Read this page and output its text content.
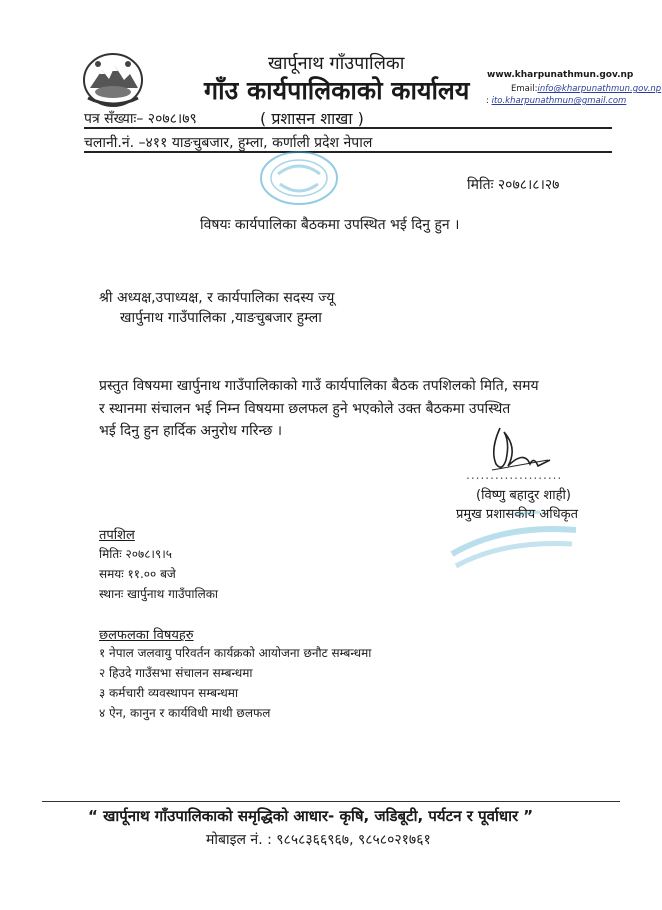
खार्पूनाथ गाँउपालिका
गाँउ कार्यपालिकाको कार्यालय
www.kharpunathmun.gov.np
Email:info@kharpunathmun.gov.np
: ito.kharpunathmun@gmail.com
पत्र सँख्याः– २०७८।७९	( प्रशासन शाखा )
चलानी.नं. –४११ याङचुबजार, हुम्ला, कर्णाली प्रदेश नेपाल
मितिः २०७८।८।२७
विषयः कार्यपालिका बैठकमा उपस्थित भई दिनु हुन ।
श्री अध्यक्ष,उपाध्यक्ष, र कार्यपालिका सदस्य ज्यू
खार्पुनाथ गाउँपालिका ,याङचुबजार हुम्ला
प्रस्तुत विषयमा खार्पुनाथ गाउँपालिकाको गाउँ कार्यपालिका बैठक तपशिलको मिति, समय
र स्थानमा संचालन भई निम्न विषयमा छलफल हुने भएकोले उक्त बैठकमा उपस्थित
भई दिनु हुन हार्दिक अनुरोध गरिन्छ ।
....................
(विष्णु बहादुर शाही)
प्रमुख प्रशासकीय अधिकृत
तपशिल
मितिः २०७८।९।५
समयः ११.०० बजे
स्थानः खार्पुनाथ गाउँपालिका
छलफलका विषयहरु
१ नेपाल जलवायु परिवर्तन कार्यक्रको आयोजना छनौट सम्बन्धमा
२ हिउदे गाउँसभा संचालन सम्बन्धमा
३ कर्मचारी व्यवस्थापन सम्बन्धमा
४ ऐन, कानुन र कार्यविधी माथी छलफल
“ खार्पूनाथ गाँउपालिकाको समृद्धिको आधार- कृषि, जडिबूटी, पर्यटन र पूर्वाधार ”
मोबाइल नं. : ९८५८३६६९६७, ९८५८०२१७६१
